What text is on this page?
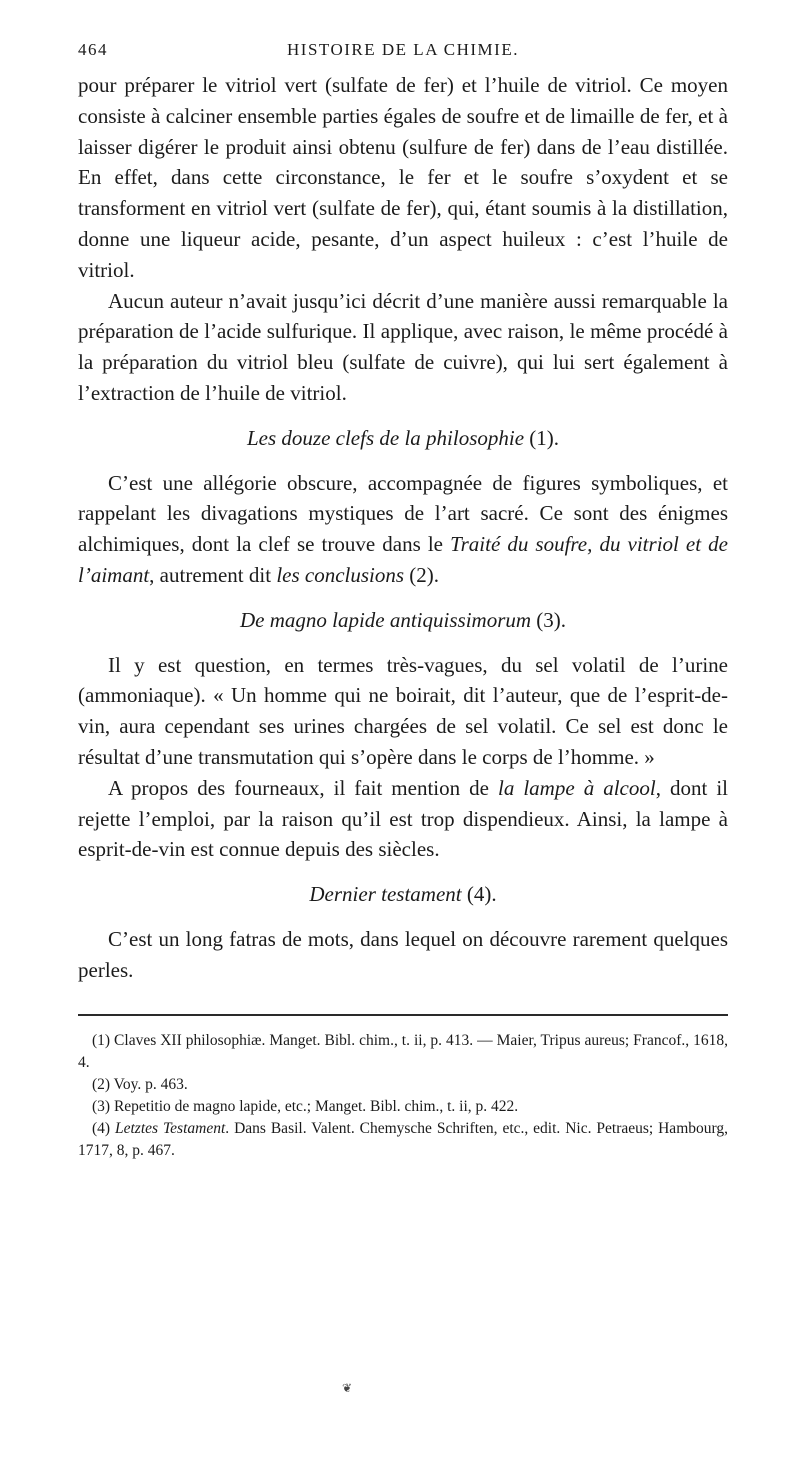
464	HISTOIRE DE LA CHIMIE.

pour préparer le vitriol vert (sulfate de fer) et l’huile de vitriol. Ce moyen consiste à calciner ensemble parties égales de soufre et de limaille de fer, et à laisser digérer le produit ainsi obtenu (sulfure de fer) dans de l’eau distillée. En effet, dans cette circonstance, le fer et le soufre s’oxydent et se transforment en vitriol vert (sulfate de fer), qui, étant soumis à la distillation, donne une liqueur acide, pesante, d’un aspect huileux : c’est l’huile de vitriol.

Aucun auteur n’avait jusqu’ici décrit d’une manière aussi remarquable la préparation de l’acide sulfurique. Il applique, avec raison, le même procédé à la préparation du vitriol bleu (sulfate de cuivre), qui lui sert également à l’extraction de l’huile de vitriol.

Les douze clefs de la philosophie (1).

C’est une allégorie obscure, accompagnée de figures symboliques, et rappelant les divagations mystiques de l’art sacré. Ce sont des énigmes alchimiques, dont la clef se trouve dans le Traité du soufre, du vitriol et de l’aimant, autrement dit les conclusions (2).

De magno lapide antiquissimorum (3).

Il y est question, en termes très-vagues, du sel volatil de l’urine (ammoniaque). « Un homme qui ne boirait, dit l’auteur, que de l’esprit-de-vin, aura cependant ses urines chargées de sel volatil. Ce sel est donc le résultat d’une transmutation qui s’opère dans le corps de l’homme. »

A propos des fourneaux, il fait mention de la lampe à alcool, dont il rejette l’emploi, par la raison qu’il est trop dispendieux. Ainsi, la lampe à esprit-de-vin est connue depuis des siècles.

Dernier testament (4).

C’est un long fatras de mots, dans lequel on découvre rarement quelques perles.

(1) Claves XII philosophiæ. Manget. Bibl. chim., t. ii, p. 413. — Maier, Tripus aureus; Francof., 1618, 4.

(2) Voy. p. 463.

(3) Repetitio de magno lapide, etc.; Manget. Bibl. chim., t. ii, p. 422.

(4) Letztes Testament. Dans Basil. Valent. Chemysche Schriften, etc., edit. Nic. Petraeus; Hambourg, 1717, 8, p. 467.

❦
